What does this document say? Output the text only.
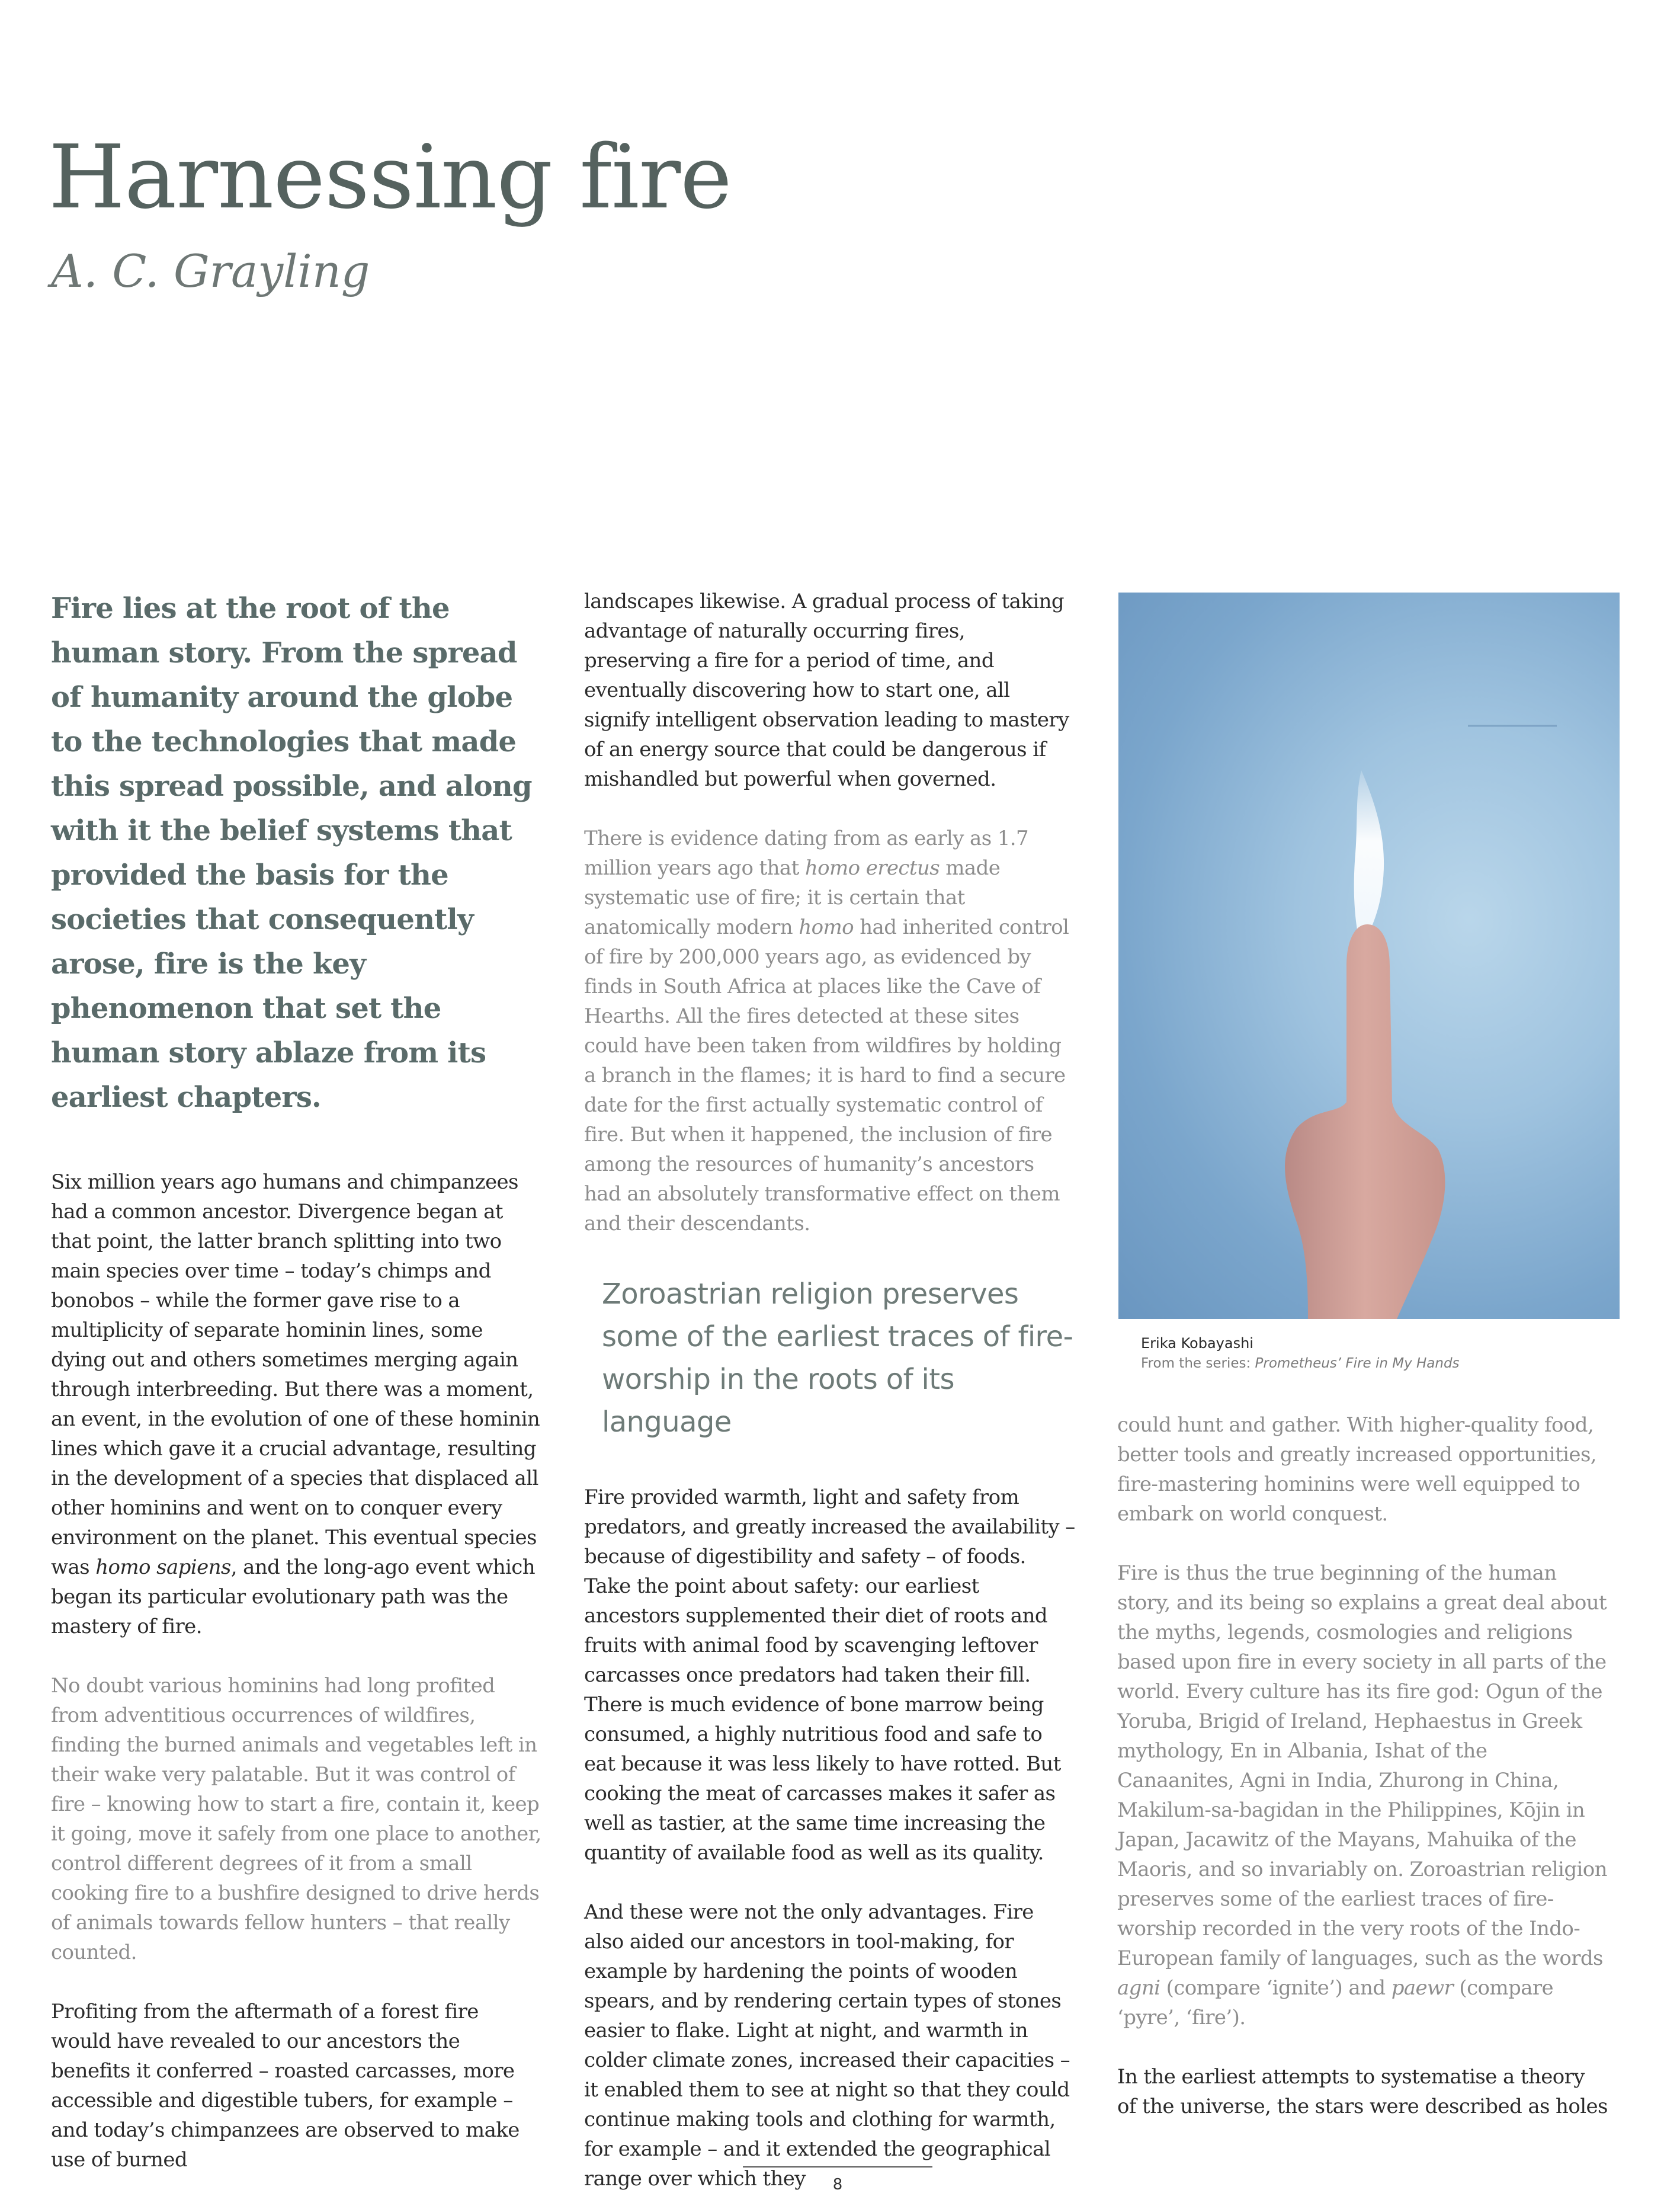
Harnessing fire
A. C. Grayling

Fire lies at the root of the human story. From the spread of humanity around the globe to the technologies that made this spread possible, and along with it the belief systems that provided the basis for the societies that consequently arose, fire is the key phenomenon that set the human story ablaze from its earliest chapters.

Six million years ago humans and chimpanzees had a common ancestor. Divergence began at that point, the latter branch splitting into two main species over time – today’s chimps and bonobos – while the former gave rise to a multiplicity of separate hominin lines, some dying out and others sometimes merging again through interbreeding. But there was a moment, an event, in the evolution of one of these hominin lines which gave it a crucial advantage, resulting in the development of a species that displaced all other hominins and went on to conquer every environment on the planet. This eventual species was homo sapiens, and the long-ago event which began its particular evolutionary path was the mastery of fire.

No doubt various hominins had long profited from adventitious occurrences of wildfires, finding the burned animals and vegetables left in their wake very palatable. But it was control of fire – knowing how to start a fire, contain it, keep it going, move it safely from one place to another, control different degrees of it from a small cooking fire to a bushfire designed to drive herds of animals towards fellow hunters – that really counted.

Profiting from the aftermath of a forest fire would have revealed to our ancestors the benefits it conferred – roasted carcasses, more accessible and digestible tubers, for example – and today’s chimpanzees are observed to make use of burned

landscapes likewise. A gradual process of taking advantage of naturally occurring fires, preserving a fire for a period of time, and eventually discovering how to start one, all signify intelligent observation leading to mastery of an energy source that could be dangerous if mishandled but powerful when governed.

There is evidence dating from as early as 1.7 million years ago that homo erectus made systematic use of fire; it is certain that anatomically modern homo had inherited control of fire by 200,000 years ago, as evidenced by finds in South Africa at places like the Cave of Hearths. All the fires detected at these sites could have been taken from wildfires by holding a branch in the flames; it is hard to find a secure date for the first actually systematic control of fire. But when it happened, the inclusion of fire among the resources of humanity’s ancestors had an absolutely transformative effect on them and their descendants.

Zoroastrian religion preserves some of the earliest traces of fire-worship in the roots of its language

Fire provided warmth, light and safety from predators, and greatly increased the availability – because of digestibility and safety – of foods. Take the point about safety: our earliest ancestors supplemented their diet of roots and fruits with animal food by scavenging leftover carcasses once predators had taken their fill. There is much evidence of bone marrow being consumed, a highly nutritious food and safe to eat because it was less likely to have rotted. But cooking the meat of carcasses makes it safer as well as tastier, at the same time increasing the quantity of available food as well as its quality.

And these were not the only advantages. Fire also aided our ancestors in tool-making, for example by hardening the points of wooden spears, and by rendering certain types of stones easier to flake. Light at night, and warmth in colder climate zones, increased their capacities – it enabled them to see at night so that they could continue making tools and clothing for warmth, for example – and it extended the geographical range over which they

Erika Kobayashi
From the series: Prometheus’ Fire in My Hands

could hunt and gather. With higher-quality food, better tools and greatly increased opportunities, fire-mastering hominins were well equipped to embark on world conquest.

Fire is thus the true beginning of the human story, and its being so explains a great deal about the myths, legends, cosmologies and religions based upon fire in every society in all parts of the world. Every culture has its fire god: Ogun of the Yoruba, Brigid of Ireland, Hephaestus in Greek mythology, En in Albania, Ishat of the Canaanites, Agni in India, Zhurong in China, Makilum-sa-bagidan in the Philippines, Kōjin in Japan, Jacawitz of the Mayans, Mahuika of the Maoris, and so invariably on. Zoroastrian religion preserves some of the earliest traces of fire-worship recorded in the very roots of the Indo-European family of languages, such as the words agni (compare ‘ignite’) and paewr (compare ‘pyre’, ‘fire’).

In the earliest attempts to systematise a theory of the universe, the stars were described as holes

8
